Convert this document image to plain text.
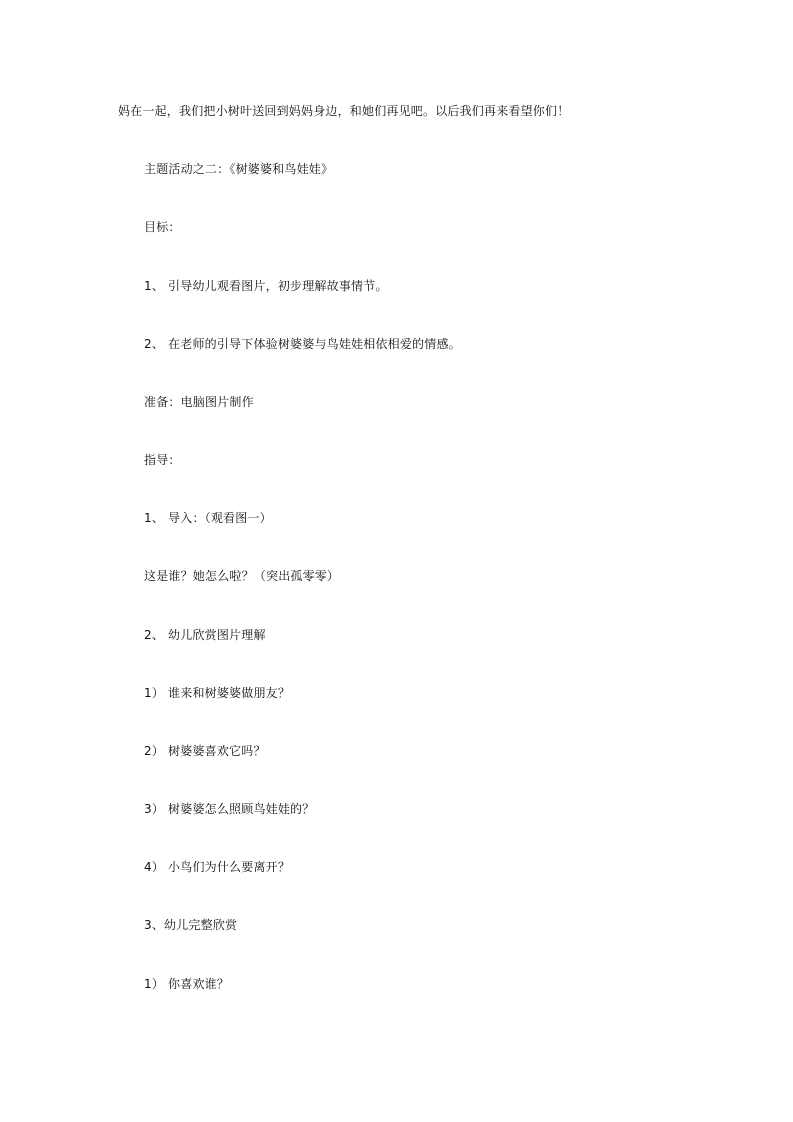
妈在一起，我们把小树叶送回到妈妈身边，和她们再见吧。以后我们再来看望你们！
主题活动之二：《树婆婆和鸟娃娃》
目标：
1、 引导幼儿观看图片，初步理解故事情节。
2、 在老师的引导下体验树婆婆与鸟娃娃相依相爱的情感。
准备：电脑图片制作
指导：
1、 导入：（观看图一）
这是谁？她怎么啦？（突出孤零零）
2、 幼儿欣赏图片理解
1） 谁来和树婆婆做朋友？
2） 树婆婆喜欢它吗？
3） 树婆婆怎么照顾鸟娃娃的？
4） 小鸟们为什么要离开？
3、幼儿完整欣赏
1） 你喜欢谁？
